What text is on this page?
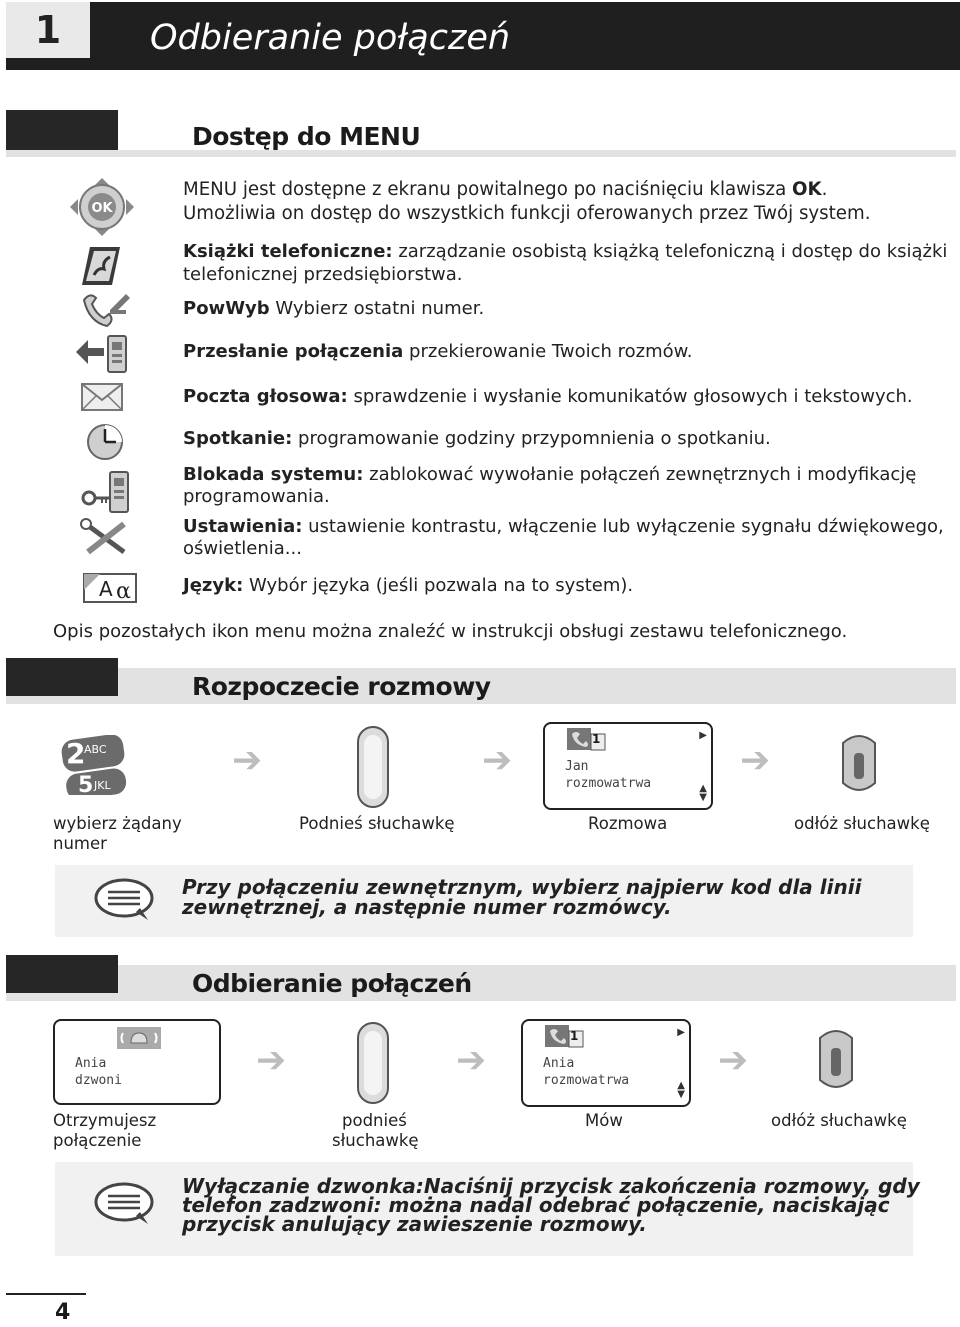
1	Odbieranie połączeń
Dostęp do MENU
OK
MENU jest dostępne z ekranu powitalnego po naciśnięciu klawisza OK.
Umożliwia on dostęp do wszystkich funkcji oferowanych przez Twój system.
Książki telefoniczne: zarządzanie osobistą książką telefoniczną i dostęp do książki
telefonicznej przedsiębiorstwa.
PowWyb Wybierz ostatni numer.
Przesłanie połączenia przekierowanie Twoich rozmów.
Poczta głosowa: sprawdzenie i wysłanie komunikatów głosowych i tekstowych.
Spotkanie: programowanie godziny przypomnienia o spotkaniu.
Blokada systemu: zablokować wywołanie połączeń zewnętrznych i modyfikację
programowania.
Ustawienia: ustawienie kontrastu, włączenie lub wyłączenie sygnału dźwiękowego,
oświetlenia...
A α	Język: Wybór języka (jeśli pozwala na to system).
Opis pozostałych ikon menu można znaleźć w instrukcji obsługi zestawu telefonicznego.
Rozpoczecie rozmowy
2
ABC
5 JKL
➔	➔
1	▶
Jan
rozmowatrwa	▲
▼
➔
wybierz żądany
numer
Podnieś słuchawkę	Rozmowa	odłóż słuchawkę
Przy połączeniu zewnętrznym, wybierz najpierw kod dla linii
zewnętrznej, a następnie numer rozmówcy.
Odbieranie połączeń
Ania
dzwoni	➔	➔
1	▶
Ania
rozmowatrwa	▲
▼
➔
Otrzymujesz
połączenie
podnieś
słuchawkę
Mów	odłóż słuchawkę
Wyłączanie dzwonka:Naciśnij przycisk zakończenia rozmowy, gdy
telefon zadzwoni: można nadal odebrać połączenie, naciskając
przycisk anulujący zawieszenie rozmowy.
4
